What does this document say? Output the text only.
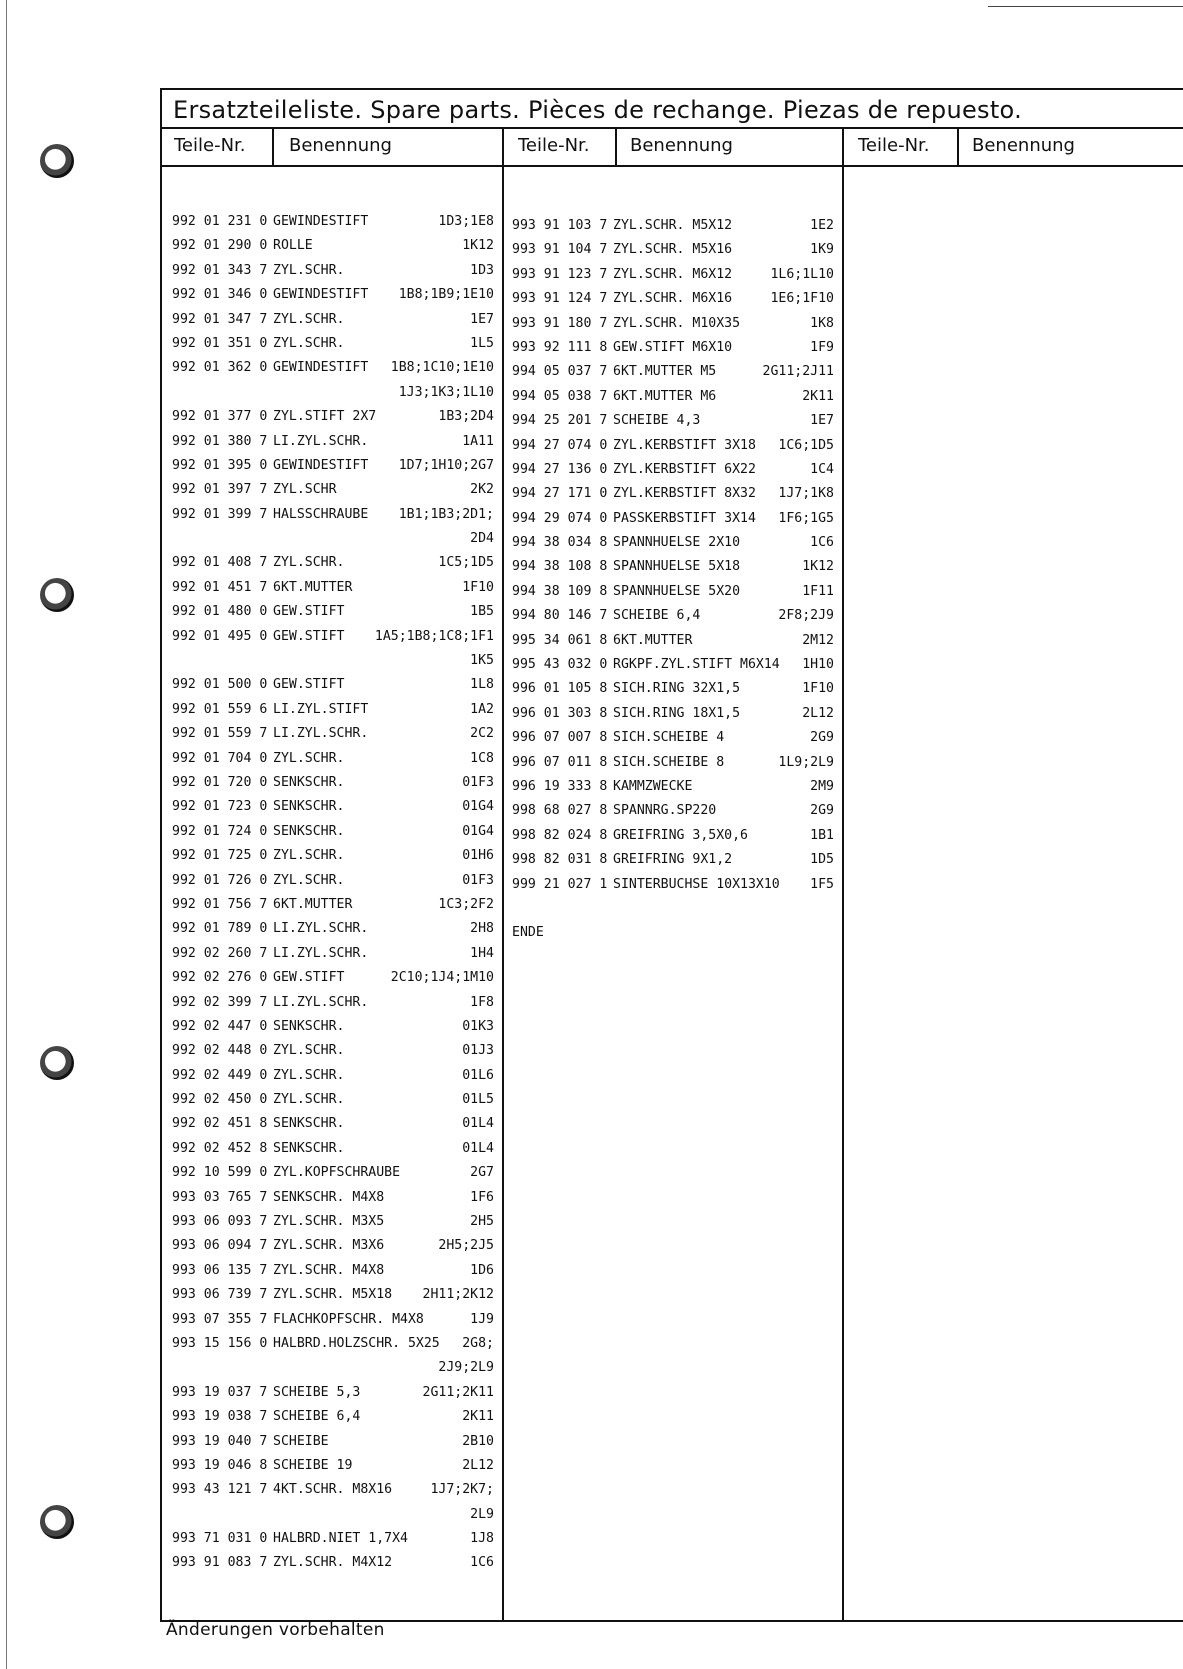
Ersatzteileliste. Spare parts. Pièces de rechange. Piezas de repuesto.
Teile-Nr. Benennung	Teile-Nr. Benennung	Teile-Nr. Benennung
992 01 231 0 GEWINDESTIFT	1D3;1E8
992 01 290 0 ROLLE	1K12
992 01 343 7 ZYL.SCHR.	1D3
992 01 346 0 GEWINDESTIFT 1B8;1B9;1E10
992 01 347 7 ZYL.SCHR.	1E7
992 01 351 0 ZYL.SCHR.	1L5
992 01 362 0 GEWINDESTIFT 1B8;1C10;1E10
1J3;1K3;1L10
992 01 377 0 ZYL.STIFT 2X7	1B3;2D4
992 01 380 7 LI.ZYL.SCHR.	1A11
992 01 395 0 GEWINDESTIFT 1D7;1H10;2G7
992 01 397 7 ZYL.SCHR	2K2
992 01 399 7 HALSSCHRAUBE 1B1;1B3;2D1;
2D4
992 01 408 7 ZYL.SCHR.	1C5;1D5
992 01 451 7 6KT.MUTTER	1F10
992 01 480 0 GEW.STIFT	1B5
992 01 495 0 GEW.STIFT 1A5;1B8;1C8;1F1
1K5
992 01 500 0 GEW.STIFT	1L8
992 01 559 6 LI.ZYL.STIFT	1A2
992 01 559 7 LI.ZYL.SCHR.	2C2
992 01 704 0 ZYL.SCHR.	1C8
992 01 720 0 SENKSCHR.	01F3
992 01 723 0 SENKSCHR.	01G4
992 01 724 0 SENKSCHR.	01G4
992 01 725 0 ZYL.SCHR.	01H6
992 01 726 0 ZYL.SCHR.	01F3
992 01 756 7 6KT.MUTTER	1C3;2F2
992 01 789 0 LI.ZYL.SCHR.	2H8
992 02 260 7 LI.ZYL.SCHR.	1H4
992 02 276 0 GEW.STIFT	2C10;1J4;1M10
992 02 399 7 LI.ZYL.SCHR.	1F8
992 02 447 0 SENKSCHR.	01K3
992 02 448 0 ZYL.SCHR.	01J3
992 02 449 0 ZYL.SCHR.	01L6
992 02 450 0 ZYL.SCHR.	01L5
992 02 451 8 SENKSCHR.	01L4
992 02 452 8 SENKSCHR.	01L4
992 10 599 0 ZYL.KOPFSCHRAUBE	2G7
993 03 765 7 SENKSCHR. M4X8	1F6
993 06 093 7 ZYL.SCHR. M3X5	2H5
993 06 094 7 ZYL.SCHR. M3X6	2H5;2J5
993 06 135 7 ZYL.SCHR. M4X8	1D6
993 06 739 7 ZYL.SCHR. M5X18 2H11;2K12
993 07 355 7 FLACHKOPFSCHR. M4X8	1J9
993 15 156 0 HALBRD.HOLZSCHR. 5X25 2G8;
2J9;2L9
993 19 037 7 SCHEIBE 5,3	2G11;2K11
993 19 038 7 SCHEIBE 6,4	2K11
993 19 040 7 SCHEIBE	2B10
993 19 046 8 SCHEIBE 19	2L12
993 43 121 7 4KT.SCHR. M8X16	1J7;2K7;
2L9
993 71 031 0 HALBRD.NIET 1,7X4	1J8
993 91 083 7 ZYL.SCHR. M4X12	1C6
993 91 103 7 ZYL.SCHR. M5X12	1E2
993 91 104 7 ZYL.SCHR. M5X16	1K9
993 91 123 7 ZYL.SCHR. M6X12	1L6;1L10
993 91 124 7 ZYL.SCHR. M6X16	1E6;1F10
993 91 180 7 ZYL.SCHR. M10X35	1K8
993 92 111 8 GEW.STIFT M6X10	1F9
994 05 037 7 6KT.MUTTER M5	2G11;2J11
994 05 038 7 6KT.MUTTER M6	2K11
994 25 201 7 SCHEIBE 4,3	1E7
994 27 074 0 ZYL.KERBSTIFT 3X18 1C6;1D5
994 27 136 0 ZYL.KERBSTIFT 6X22	1C4
994 27 171 0 ZYL.KERBSTIFT 8X32 1J7;1K8
994 29 074 0 PASSKERBSTIFT 3X14 1F6;1G5
994 38 034 8 SPANNHUELSE 2X10	1C6
994 38 108 8 SPANNHUELSE 5X18	1K12
994 38 109 8 SPANNHUELSE 5X20	1F11
994 80 146 7 SCHEIBE 6,4	2F8;2J9
995 34 061 8 6KT.MUTTER	2M12
995 43 032 0 RGKPF.ZYL.STIFT M6X14 1H10
996 01 105 8 SICH.RING 32X1,5	1F10
996 01 303 8 SICH.RING 18X1,5	2L12
996 07 007 8 SICH.SCHEIBE 4	2G9
996 07 011 8 SICH.SCHEIBE 8	1L9;2L9
996 19 333 8 KAMMZWECKE	2M9
998 68 027 8 SPANNRG.SP220	2G9
998 82 024 8 GREIFRING 3,5X0,6	1B1
998 82 031 8 GREIFRING 9X1,2	1D5
999 21 027 1 SINTERBUCHSE 10X13X10 1F5
ENDE
Änderungen vorbehalten
